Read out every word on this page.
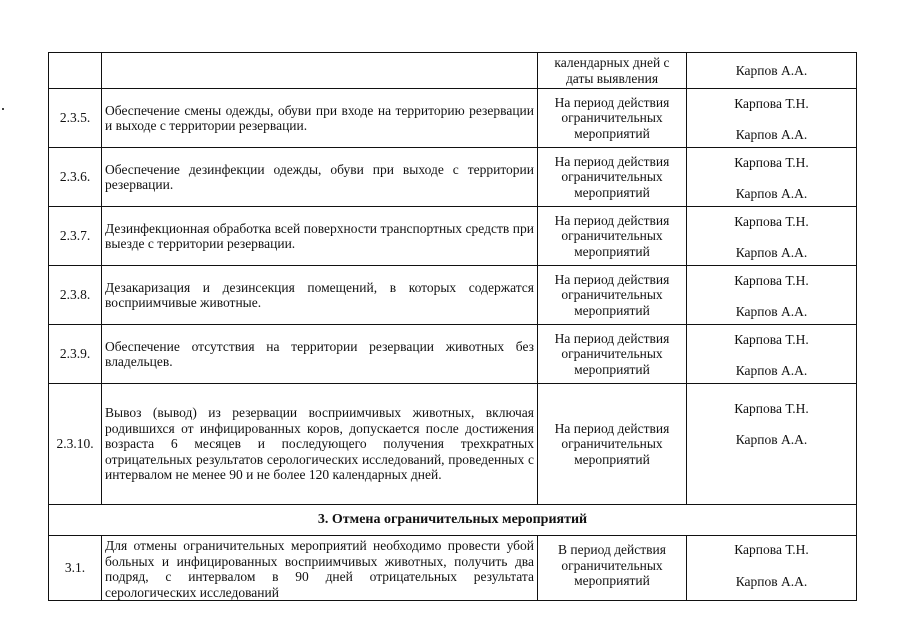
		календарных дней с даты выявления	Карпов А.А.
2.3.5.	Обеспечение смены одежды, обуви при входе на территорию резервации и выходе с территории резервации.	На период действия ограничительных мероприятий	Карпова Т.Н.
Карпов А.А.

2.3.6.	Обеспечение дезинфекции одежды, обуви при выходе с территории резервации.	На период действия ограничительных мероприятий	Карпова Т.Н.
Карпов А.А.

2.3.7.	Дезинфекционная обработка всей поверхности транспортных средств при выезде с территории резервации.	На период действия ограничительных мероприятий	Карпова Т.Н.
Карпов А.А.

2.3.8.	Дезакаризация и дезинсекция помещений, в которых содержатся восприимчивые животные.	На период действия ограничительных мероприятий	Карпова Т.Н.
Карпов А.А.

2.3.9.	Обеспечение отсутствия на территории резервации животных без владельцев.	На период действия ограничительных мероприятий	Карпова Т.Н.
Карпов А.А.

2.3.10.	Вывоз (вывод) из резервации восприимчивых животных, включая родившихся от инфицированных коров, допускается после достижения возраста 6 месяцев и последующего получения трехкратных отрицательных результатов серологических исследований, проведенных с интервалом не менее 90 и не более 120 календарных дней.	На период действия ограничительных мероприятий	Карпова Т.Н.
Карпов А.А.

3. Отмена ограничительных мероприятий			
3.1.	Для отмены ограничительных мероприятий необходимо провести убой больных и инфицированных восприимчивых животных, получить два подряд, с интервалом в 90 дней отрицательных результата серологических исследований	В период действия ограничительных мероприятий	Карпова Т.Н.
Карпов А.А.
